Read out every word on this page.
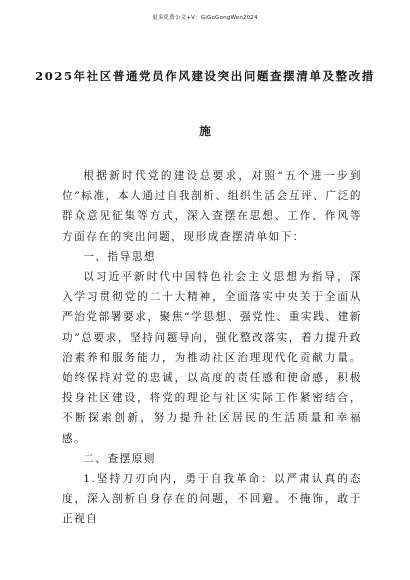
更多免费公文+V：GiGoGongWen2024
2025年社区普通党员作风建设突出问题查摆清单及整改措
施

根据新时代党的建设总要求，对照“五个进一步到位”标准，本人通过自我剖析、组织生活会互评、广泛的群众意见征集等方式，深入查摆在思想、工作、作风等方面存在的突出问题，现形成查摆清单如下：

一、指导思想

以习近平新时代中国特色社会主义思想为指导，深入学习贯彻党的二十大精神，全面落实中央关于全面从严治党部署要求，聚焦“学思想、强党性、重实践、建新功”总要求，坚持问题导向，强化整改落实，着力提升政治素养和服务能力，为推动社区治理现代化贡献力量。始终保持对党的忠诚，以高度的责任感和使命感，积极投身社区建设，将党的理论与社区实际工作紧密结合，不断探索创新，努力提升社区居民的生活质量和幸福感。

二、查摆原则

1.坚持刀刃向内，勇于自我革命：以严肃认真的态度，深入剖析自身存在的问题，不回避、不掩饰，敢于正视自
